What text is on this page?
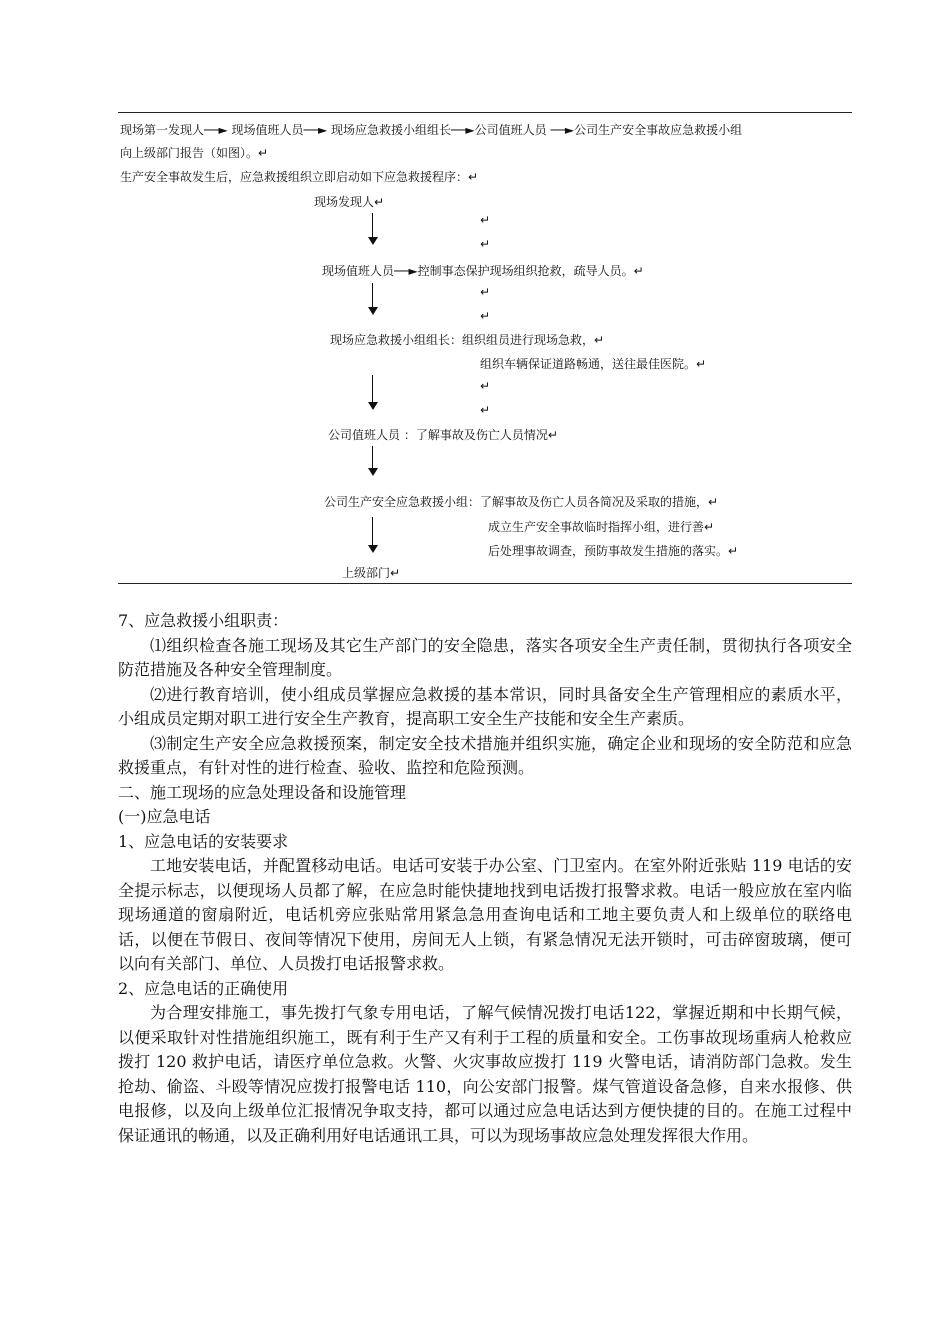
现场第一发现人──► 现场值班人员──► 现场应急救援小组组长──►公司值班人员 ──►公司生产安全事故应急救援小组
向上级部门报告（如图）。↵
生产安全事故发生后，应急救援组织立即启动如下应急救援程序：↵
现场发现人↵
↵
↵
现场值班人员──►控制事态保护现场组织抢救，疏导人员。↵
↵
↵
现场应急救援小组组长：组织组员进行现场急救，↵
组织车辆保证道路畅通，送往最佳医院。↵
↵
↵
公司值班人员 ：了解事故及伤亡人员情况↵
公司生产安全应急救援小组：了解事故及伤亡人员各简况及采取的措施，↵
成立生产安全事故临时指挥小组，进行善↵
后处理事故调查，预防事故发生措施的落实。↵
上级部门↵

7、应急救援小组职责：

⑴组织检查各施工现场及其它生产部门的安全隐患，落实各项安全生产责任制，贯彻执行各项安全防范措施及各种安全管理制度。

⑵进行教育培训，使小组成员掌握应急救援的基本常识，同时具备安全生产管理相应的素质水平，小组成员定期对职工进行安全生产教育，提高职工安全生产技能和安全生产素质。

⑶制定生产安全应急救援预案，制定安全技术措施并组织实施，确定企业和现场的安全防范和应急救援重点，有针对性的进行检查、验收、监控和危险预测。

二、施工现场的应急处理设备和设施管理

(一)应急电话

1、应急电话的安装要求

工地安装电话，并配置移动电话。电话可安装于办公室、门卫室内。在室外附近张贴 119 电话的安全提示标志，以便现场人员都了解，在应急时能快捷地找到电话拨打报警求救。电话一般应放在室内临现场通道的窗扇附近，电话机旁应张贴常用紧急急用查询电话和工地主要负责人和上级单位的联络电话，以便在节假日、夜间等情况下使用，房间无人上锁，有紧急情况无法开锁时，可击碎窗玻璃，便可以向有关部门、单位、人员拨打电话报警求救。

2、应急电话的正确使用

为合理安排施工，事先拨打气象专用电话，了解气候情况拨打电话122，掌握近期和中长期气候，以便采取针对性措施组织施工，既有利于生产又有利于工程的质量和安全。工伤事故现场重病人枪救应拨打 120 救护电话，请医疗单位急救。火警、火灾事故应拨打 119 火警电话，请消防部门急救。发生抢劫、偷盗、斗殴等情况应拨打报警电话 110，向公安部门报警。煤气管道设备急修，自来水报修、供电报修，以及向上级单位汇报情况争取支持，都可以通过应急电话达到方便快捷的目的。在施工过程中保证通讯的畅通，以及正确利用好电话通讯工具，可以为现场事故应急处理发挥很大作用。
